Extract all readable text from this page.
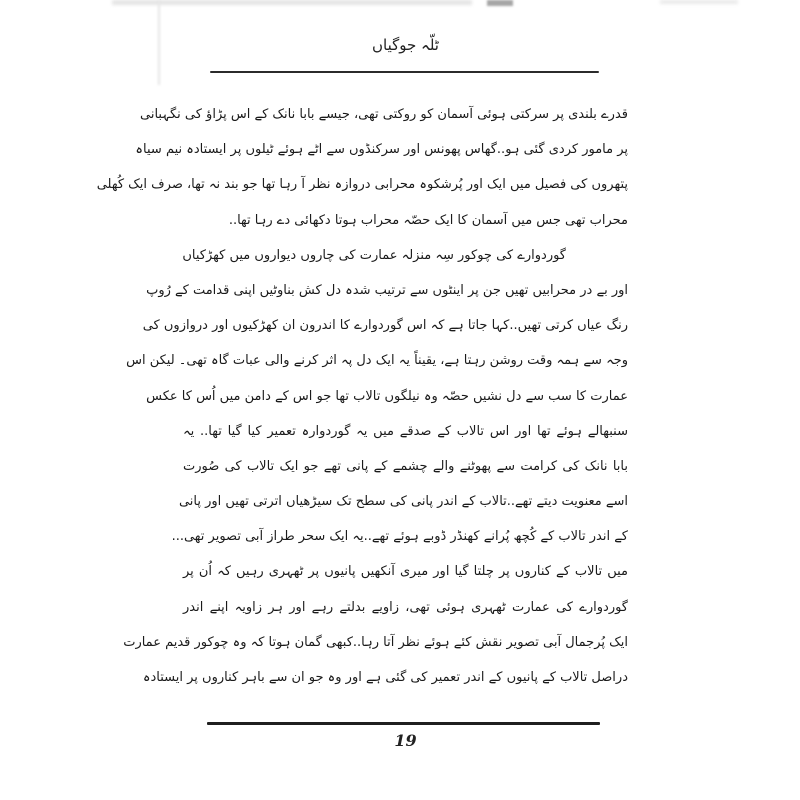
ٹلّہ جوگیاں
قدرے بلندی پر سرکتی ہوئی آسمان کو روکتی تھی، جیسے بابا نانک کے اس پڑاؤ کی نگہبانی
پر مامور کردی گئی ہو..گھاس پھونس اور سرکنڈوں سے اٹے ہوئے ٹیلوں پر ایستادہ نیم سیاہ
پتھروں کی فصیل میں ایک اور پُرشکوہ محرابی دروازہ نظر آ رہا تھا جو بند نہ تھا، صرف ایک کُھلی
محراب تھی جس میں آسمان کا ایک حصّہ محراب ہوتا دکھائی دے رہا تھا..
گوردوارے کی چوکور سِہ منزلہ عمارت کی چاروں دیواروں میں کھڑکیاں
اور بے در محرابیں تھیں جن پر اینٹوں سے ترتیب شدہ دل کش بناوٹیں اپنی قدامت کے رُوپ
رنگ عیاں کرتی تھیں..کہا جاتا ہے کہ اس گوردوارے کا اندرون ان کھڑکیوں اور دروازوں کی
وجہ سے ہمہ وقت روشن رہتا ہے، یقیناً یہ ایک دل پہ اثر کرنے والی عبات گاہ تھی۔ لیکن اس
عمارت کا سب سے دل نشیں حصّہ وہ نیلگوں تالاب تھا جو اس کے دامن میں اُس کا عکس
سنبھالے ہوئے تھا اور اس تالاب کے صدقے میں یہ گوردوارہ تعمیر کیا گیا تھا.. یہ
بابا نانک کی کرامت سے پھوٹنے والے چشمے کے پانی تھے جو ایک تالاب کی صُورت
اسے معنویت دیتے تھے..تالاب کے اندر پانی کی سطح تک سیڑھیاں اترتی تھیں اور پانی
کے اندر تالاب کے کُچھ پُرانے کھنڈر ڈوبے ہوئے تھے..یہ ایک سحر طراز آبی تصویر تھی...
میں تالاب کے کناروں پر چلتا گیا اور میری آنکھیں پانیوں پر ٹھہری رہیں کہ اُن پر
گوردوارے کی عمارت ٹھہری ہوئی تھی، زاویے بدلتے رہے اور ہر زاویہ اپنے اندر
ایک پُرجمال آبی تصویر نقش کئے ہوئے نظر آتا رہا..کبھی گمان ہوتا کہ وہ چوکور قدیم عمارت
دراصل تالاب کے پانیوں کے اندر تعمیر کی گئی ہے اور وہ جو ان سے باہر کناروں پر ایستادہ
19
